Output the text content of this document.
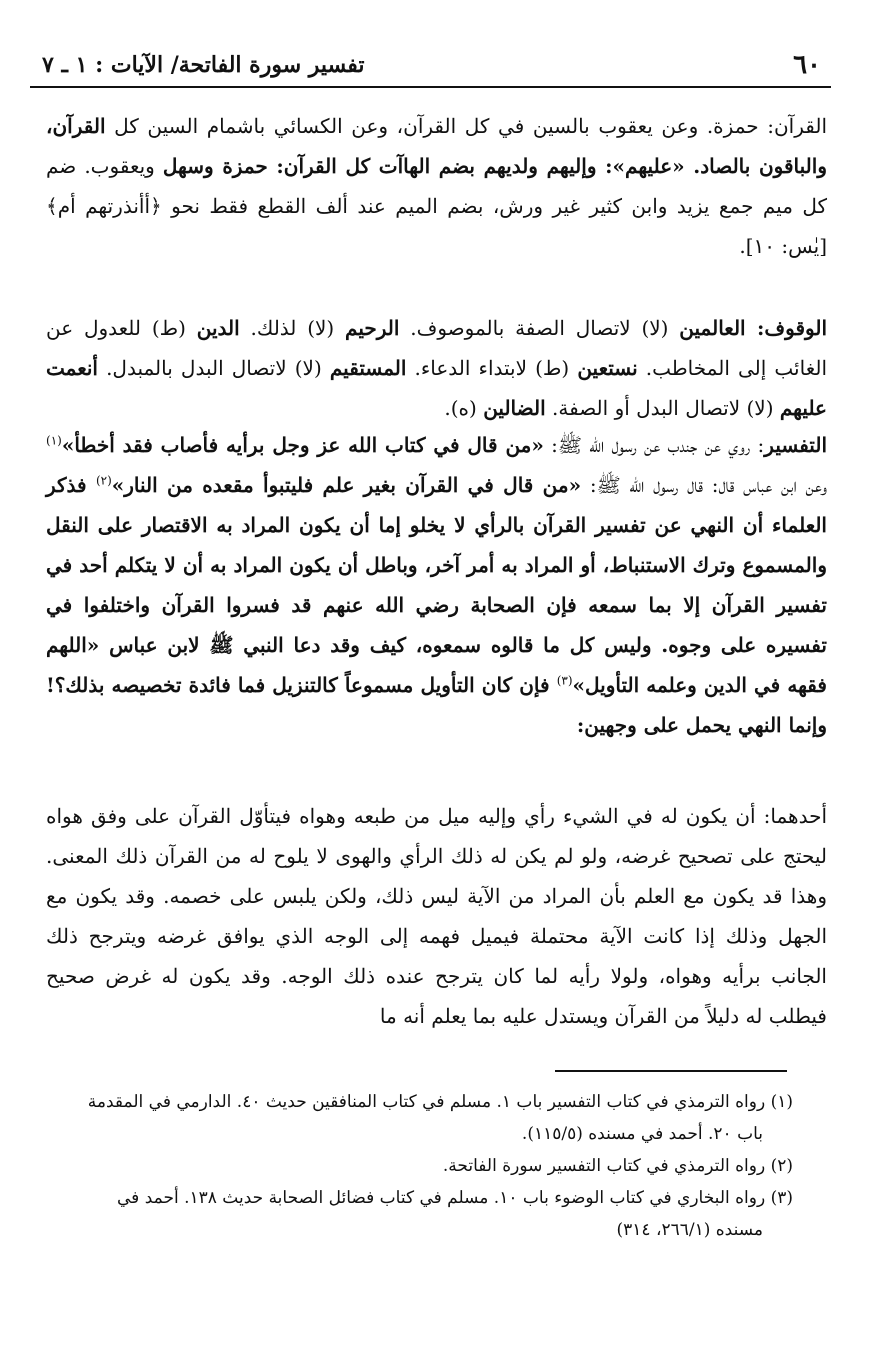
٦٠
تفسير سورة الفاتحة/ الآيات : ١ ـ ٧

القرآن: حمزة. وعن يعقوب بالسين في كل القرآن، وعن الكسائي باشمام السين كل القرآن، والباقون بالصاد. «عليهم»: وإليهم ولديهم بضم الهاآت كل القرآن: حمزة وسهل ويعقوب. ضم كل ميم جمع يزيد وابن كثير غير ورش، بضم الميم عند ألف القطع فقط نحو ﴿أأنذرتهم أم﴾ [يٰس: ١٠].

الوقوف: العالمين (لا) لاتصال الصفة بالموصوف. الرحيم (لا) لذلك. الدين (ط) للعدول عن الغائب إلى المخاطب. نستعين (ط) لابتداء الدعاء. المستقيم (لا) لاتصال البدل بالمبدل. أنعمت عليهم (لا) لاتصال البدل أو الصفة. الضالين (ه).

التفسير: روي عن جندب عن رسول الله ﷺ: «من قال في كتاب الله عز وجل برأيه فأصاب فقد أخطأ»$^{(١)}$ وعن ابن عباس قال: قال رسول الله ﷺ: «من قال في القرآن بغير علم فليتبوأ مقعده من النار»$^{(٢)}$ فذكر العلماء أن النهي عن تفسير القرآن بالرأي لا يخلو إما أن يكون المراد به الاقتصار على النقل والمسموع وترك الاستنباط، أو المراد به أمر آخر، وباطل أن يكون المراد به أن لا يتكلم أحد في تفسير القرآن إلا بما سمعه فإن الصحابة رضي الله عنهم قد فسروا القرآن واختلفوا في تفسيره على وجوه. وليس كل ما قالوه سمعوه، كيف وقد دعا النبي ﷺ لابن عباس «اللهم فقهه في الدين وعلمه التأويل»$^{(٣)}$ فإن كان التأويل مسموعاً كالتنزيل فما فائدة تخصيصه بذلك؟! وإنما النهي يحمل على وجهين:

أحدهما: أن يكون له في الشيء رأي وإليه ميل من طبعه وهواه فيتأوّل القرآن على وفق هواه ليحتج على تصحيح غرضه، ولو لم يكن له ذلك الرأي والهوى لا يلوح له من القرآن ذلك المعنى. وهذا قد يكون مع العلم بأن المراد من الآية ليس ذلك، ولكن يلبس على خصمه. وقد يكون مع الجهل وذلك إذا كانت الآية محتملة فيميل فهمه إلى الوجه الذي يوافق غرضه ويترجح ذلك الجانب برأيه وهواه، ولولا رأيه لما كان يترجح عنده ذلك الوجه. وقد يكون له غرض صحيح فيطلب له دليلاً من القرآن ويستدل عليه بما يعلم أنه ما

(١) رواه الترمذي في كتاب التفسير باب ١. مسلم في كتاب المنافقين حديث ٤٠. الدارمي في المقدمة

باب ٢٠. أحمد في مسنده (١١٥/٥).

(٢) رواه الترمذي في كتاب التفسير سورة الفاتحة.

(٣) رواه البخاري في كتاب الوضوء باب ١٠. مسلم في كتاب فضائل الصحابة حديث ١٣٨. أحمد في

مسنده (٢٦٦/١، ٣١٤)
